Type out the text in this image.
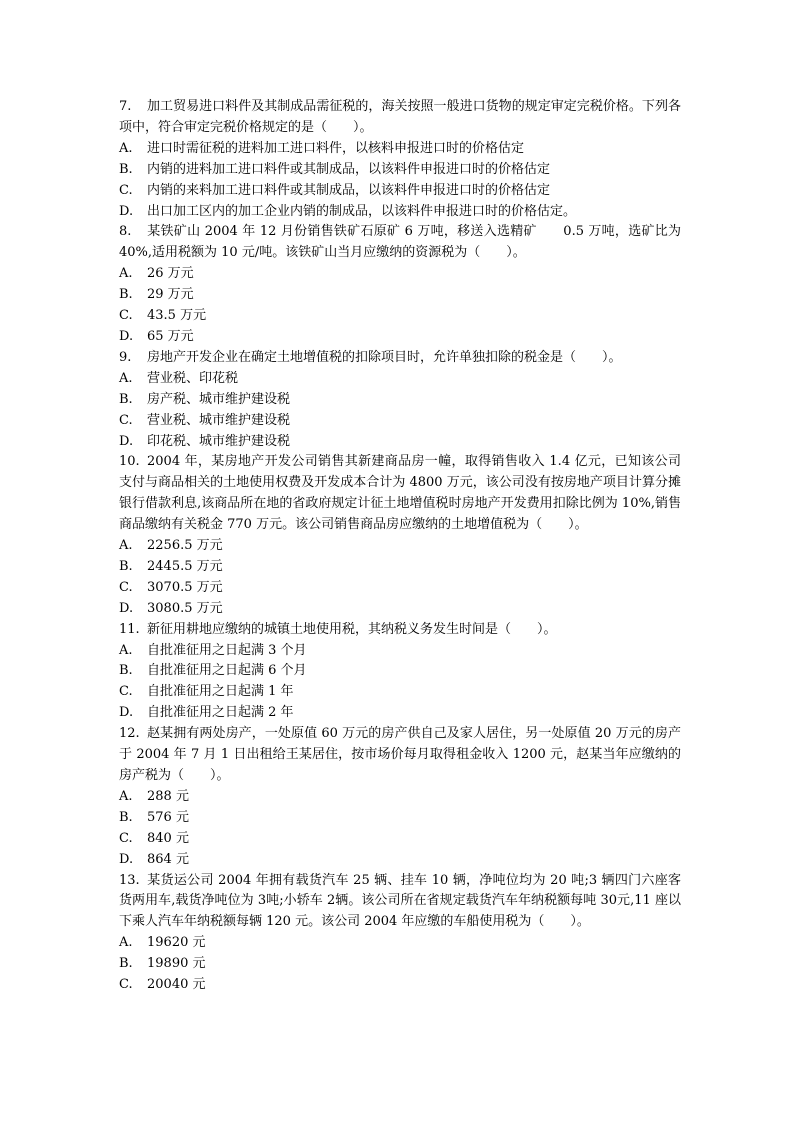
7. 加工贸易进口料件及其制成品需征税的，海关按照一般进口货物的规定审定完税价格。下列各项中，符合审定完税价格规定的是（　　）。

A.	进口时需征税的进料加工进口料件，以核料申报进口时的价格估定
B.	内销的进料加工进口料件或其制成品，以该料件申报进口时的价格估定
C.	内销的来料加工进口料件或其制成品，以该料件申报进口时的价格估定
D.	出口加工区内的加工企业内销的制成品，以该料件申报进口时的价格估定。

8. 某铁矿山 2004 年 12 月份销售铁矿石原矿 6 万吨，移送入选精矿　　0.5 万吨，选矿比为 40%,适用税额为 10 元/吨。该铁矿山当月应缴纳的资源税为（　　）。

A.	26 万元
B.	29 万元
C.	43.5 万元
D.	65 万元

9. 房地产开发企业在确定土地增值税的扣除项目时，允许单独扣除的税金是（　　）。

A.	营业税、印花税
B.	房产税、城市维护建设税
C.	营业税、城市维护建设税
D.	印花税、城市维护建设税

10. 2004 年，某房地产开发公司销售其新建商品房一幢，取得销售收入 1.4 亿元，已知该公司支付与商品相关的土地使用权费及开发成本合计为 4800 万元，该公司没有按房地产项目计算分摊银行借款利息,该商品所在地的省政府规定计征土地增值税时房地产开发费用扣除比例为 10%,销售商品缴纳有关税金 770 万元。该公司销售商品房应缴纳的土地增值税为（　　）。

A.	2256.5 万元
B.	2445.5 万元
C.	3070.5 万元
D.	3080.5 万元

11. 新征用耕地应缴纳的城镇土地使用税，其纳税义务发生时间是（　　）。

A.	自批准征用之日起满 3 个月
B.	自批准征用之日起满 6 个月
C.	自批准征用之日起满 1 年
D.	自批准征用之日起满 2 年

12. 赵某拥有两处房产，一处原值 60 万元的房产供自己及家人居住，另一处原值 20 万元的房产于 2004 年 7 月 1 日出租给王某居住，按市场价每月取得租金收入 1200 元，赵某当年应缴纳的房产税为（　　）。

A.	288 元
B.	576 元
C.	840 元
D.	864 元

13. 某货运公司 2004 年拥有载货汽车 25 辆、挂车 10 辆，净吨位均为 20 吨;3 辆四门六座客货两用车,载货净吨位为 3吨;小轿车 2辆。该公司所在省规定载货汽车年纳税额每吨 30元,11 座以下乘人汽车年纳税额每辆 120 元。该公司 2004 年应缴的车船使用税为（　　）。

A.	19620 元
B.	19890 元
C.	20040 元
